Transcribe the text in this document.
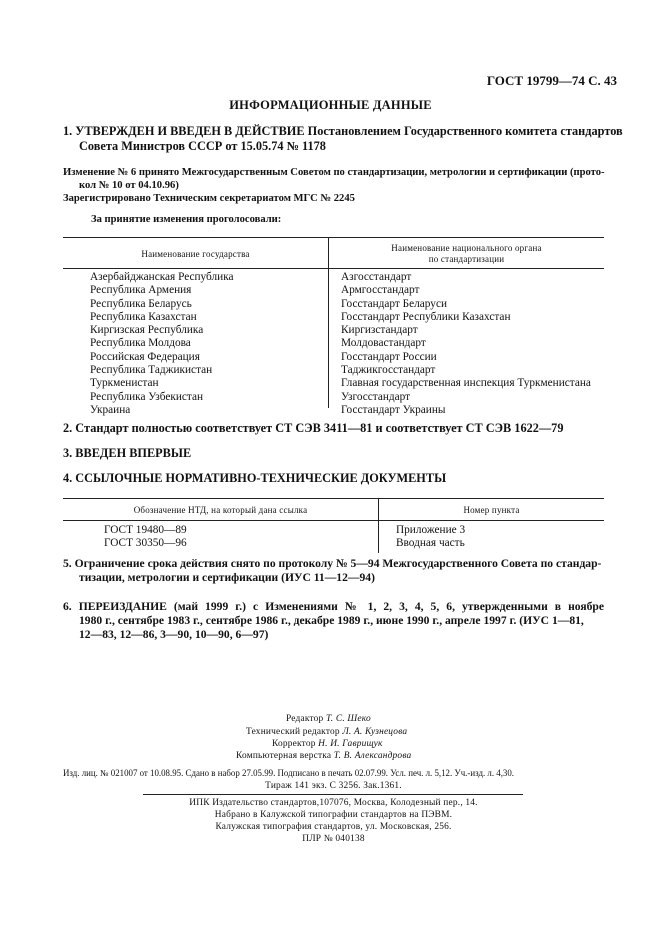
ГОСТ 19799—74 С. 43
ИНФОРМАЦИОННЫЕ ДАННЫЕ
1. УТВЕРЖДЕН И ВВЕДЕН В ДЕЙСТВИЕ Постановлением Государственного комитета стандартов
Совета Министров СССР от 15.05.74 № 1178
Изменение № 6 принято Межгосударственным Советом по стандартизации, метрологии и сертификации (прото-
кол № 10 от 04.10.96)
Зарегистрировано Техническим секретариатом МГС № 2245
За принятие изменения проголосовали:
Наименование государства
Наименование национального органа
по стандартизации
Азербайджанская Республика
Республика Армения
Республика Беларусь
Республика Казахстан
Киргизская Республика
Республика Молдова
Российская Федерация
Республика Таджикистан
Туркменистан
Республика Узбекистан
Украина
Азгосстандарт
Армгосстандарт
Госстандарт Беларуси
Госстандарт Республики Казахстан
Киргизстандарт
Молдовастандарт
Госстандарт России
Таджикгосстандарт
Главная государственная инспекция Туркменистана
Узгосстандарт
Госстандарт Украины
2. Стандарт полностью соответствует СТ СЭВ 3411—81 и соответствует СТ СЭВ 1622—79
3. ВВЕДЕН ВПЕРВЫЕ
4. ССЫЛОЧНЫЕ НОРМАТИВНО-ТЕХНИЧЕСКИЕ ДОКУМЕНТЫ
Обозначение НТД, на который дана ссылка	Номер пункта
ГОСТ 19480—89
ГОСТ 30350—96
Приложение 3
Вводная часть
5. Ограничение срока действия снято по протоколу № 5—94 Межгосударственного Совета по стандар-
тизации, метрологии и сертификации (ИУС 11—12—94)
6. ПЕРЕИЗДАНИЕ (май 1999 г.) с Изменениями № 1, 2, 3, 4, 5, 6, утвержденными в ноябре
1980 г., сентябре 1983 г., сентябре 1986 г., декабре 1989 г., июне 1990 г., апреле 1997 г. (ИУС 1—81,
12—83, 12—86, 3—90, 10—90, 6—97)
Редактор Т. С. Шеко
Технический редактор Л. А. Кузнецова
Корректор Н. И. Гаврищук
Компьютерная верстка Т. В. Александрова
Изд. лиц. № 021007 от 10.08.95. Сдано в набор 27.05.99. Подписано в печать 02.07.99. Усл. печ. л. 5,12. Уч.-изд. л. 4,30.
Тираж 141 экз. С 3256. Зак.1361.
ИПК Издательство стандартов,107076, Москва, Колодезный пер., 14.
Набрано в Калужской типографии стандартов на ПЭВМ.
Калужская типография стандартов, ул. Московская, 256.
ПЛР № 040138
